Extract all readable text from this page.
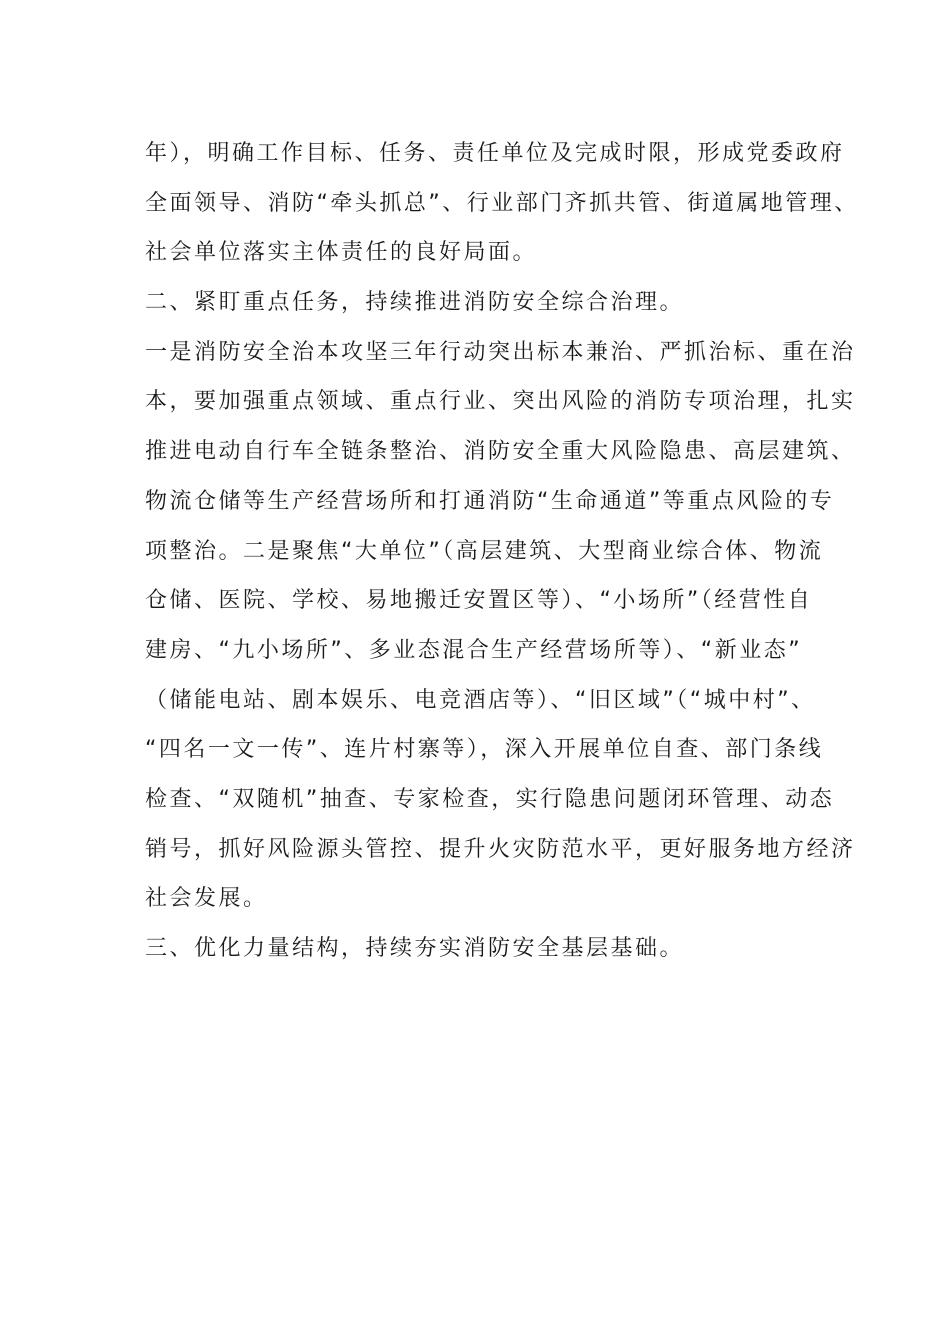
年），明确工作目标、任务、责任单位及完成时限，形成党委政府
全面领导、消防“牵头抓总”、行业部门齐抓共管、街道属地管理、
社会单位落实主体责任的良好局面。
二、紧盯重点任务，持续推进消防安全综合治理。
一是消防安全治本攻坚三年行动突出标本兼治、严抓治标、重在治
本，要加强重点领域、重点行业、突出风险的消防专项治理，扎实
推进电动自行车全链条整治、消防安全重大风险隐患、高层建筑、
物流仓储等生产经营场所和打通消防“生命通道”等重点风险的专
项整治。二是聚焦“大单位”（高层建筑、大型商业综合体、物流
仓储、医院、学校、易地搬迁安置区等）、“小场所”（经营性自
建房、“九小场所”、多业态混合生产经营场所等）、“新业态”
（储能电站、剧本娱乐、电竞酒店等）、“旧区域”（“城中村”、
“四名一文一传”、连片村寨等），深入开展单位自查、部门条线
检查、“双随机”抽查、专家检查，实行隐患问题闭环管理、动态
销号，抓好风险源头管控、提升火灾防范水平，更好服务地方经济
社会发展。
三、优化力量结构，持续夯实消防安全基层基础。
